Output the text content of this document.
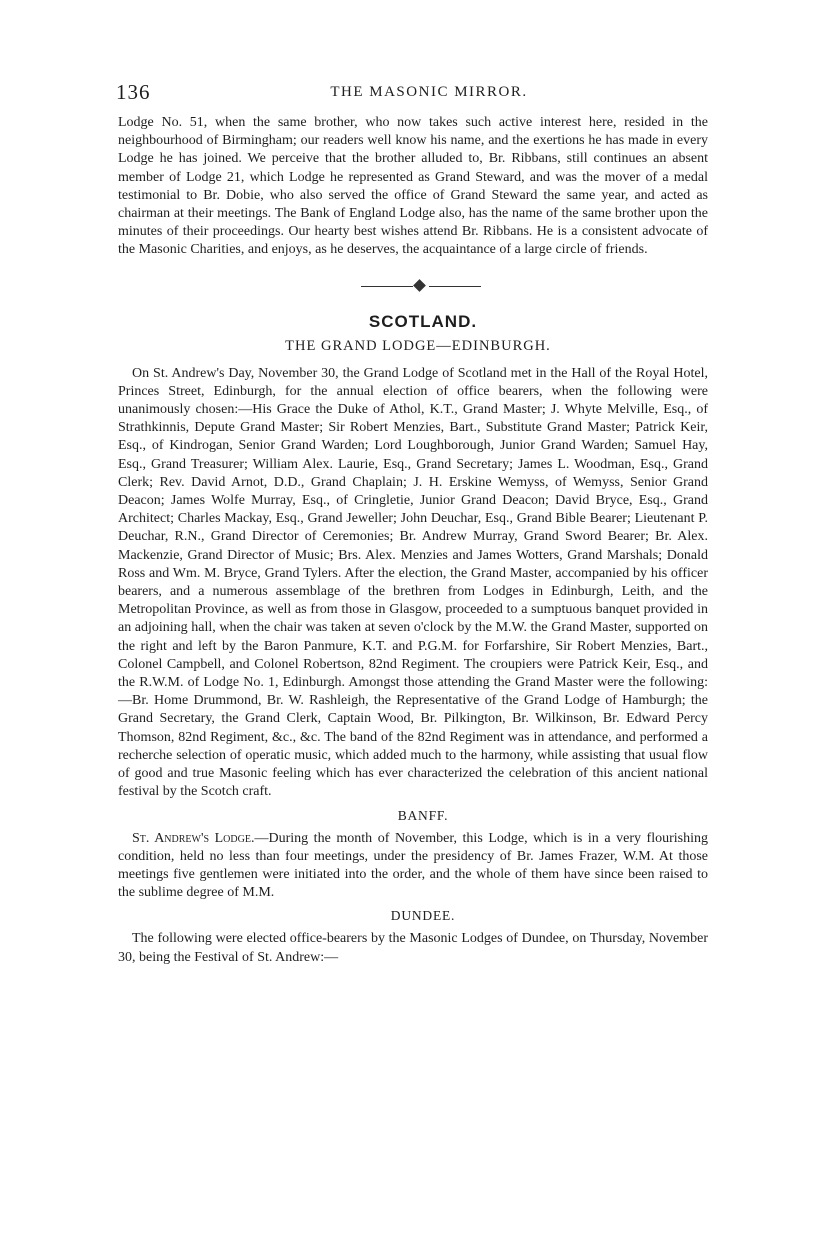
136	THE MASONIC MIRROR.

Lodge No. 51, when the same brother, who now takes such active interest here, resided in the neighbourhood of Birmingham; our readers well know his name, and the exertions he has made in every Lodge he has joined. We perceive that the brother alluded to, Br. Ribbans, still continues an absent member of Lodge 21, which Lodge he represented as Grand Steward, and was the mover of a medal testimonial to Br. Dobie, who also served the office of Grand Steward the same year, and acted as chairman at their meetings. The Bank of England Lodge also, has the name of the same brother upon the minutes of their proceedings. Our hearty best wishes attend Br. Ribbans. He is a consistent advocate of the Masonic Charities, and enjoys, as he deserves, the acquaintance of a large circle of friends.

SCOTLAND.
THE GRAND LODGE—EDINBURGH.

On St. Andrew's Day, November 30, the Grand Lodge of Scotland met in the Hall of the Royal Hotel, Princes Street, Edinburgh, for the annual election of office bearers, when the following were unanimously chosen:—His Grace the Duke of Athol, K.T., Grand Master; J. Whyte Melville, Esq., of Strathkinnis, Depute Grand Master; Sir Robert Menzies, Bart., Substitute Grand Master; Patrick Keir, Esq., of Kindrogan, Senior Grand Warden; Lord Loughborough, Junior Grand Warden; Samuel Hay, Esq., Grand Treasurer; William Alex. Laurie, Esq., Grand Secretary; James L. Woodman, Esq., Grand Clerk; Rev. David Arnot, D.D., Grand Chaplain; J. H. Erskine Wemyss, of Wemyss, Senior Grand Deacon; James Wolfe Murray, Esq., of Cringletie, Junior Grand Deacon; David Bryce, Esq., Grand Architect; Charles Mackay, Esq., Grand Jeweller; John Deuchar, Esq., Grand Bible Bearer; Lieutenant P. Deuchar, R.N., Grand Director of Ceremonies; Br. Andrew Murray, Grand Sword Bearer; Br. Alex. Mackenzie, Grand Director of Music; Brs. Alex. Menzies and James Wotters, Grand Marshals; Donald Ross and Wm. M. Bryce, Grand Tylers. After the election, the Grand Master, accompanied by his officer bearers, and a numerous assemblage of the brethren from Lodges in Edinburgh, Leith, and the Metropolitan Province, as well as from those in Glasgow, proceeded to a sumptuous banquet provided in an adjoining hall, when the chair was taken at seven o'clock by the M.W. the Grand Master, supported on the right and left by the Baron Panmure, K.T. and P.G.M. for Forfarshire, Sir Robert Menzies, Bart., Colonel Campbell, and Colonel Robertson, 82nd Regiment. The croupiers were Patrick Keir, Esq., and the R.W.M. of Lodge No. 1, Edinburgh. Amongst those attending the Grand Master were the following:—Br. Home Drummond, Br. W. Rashleigh, the Representative of the Grand Lodge of Hamburgh; the Grand Secretary, the Grand Clerk, Captain Wood, Br. Pilkington, Br. Wilkinson, Br. Edward Percy Thomson, 82nd Regiment, &c., &c. The band of the 82nd Regiment was in attendance, and performed a recherche selection of operatic music, which added much to the harmony, while assisting that usual flow of good and true Masonic feeling which has ever characterized the celebration of this ancient national festival by the Scotch craft.

BANFF.

St. Andrew's Lodge.—During the month of November, this Lodge, which is in a very flourishing condition, held no less than four meetings, under the presidency of Br. James Frazer, W.M. At those meetings five gentlemen were initiated into the order, and the whole of them have since been raised to the sublime degree of M.M.

DUNDEE.

The following were elected office-bearers by the Masonic Lodges of Dundee, on Thursday, November 30, being the Festival of St. Andrew:—
